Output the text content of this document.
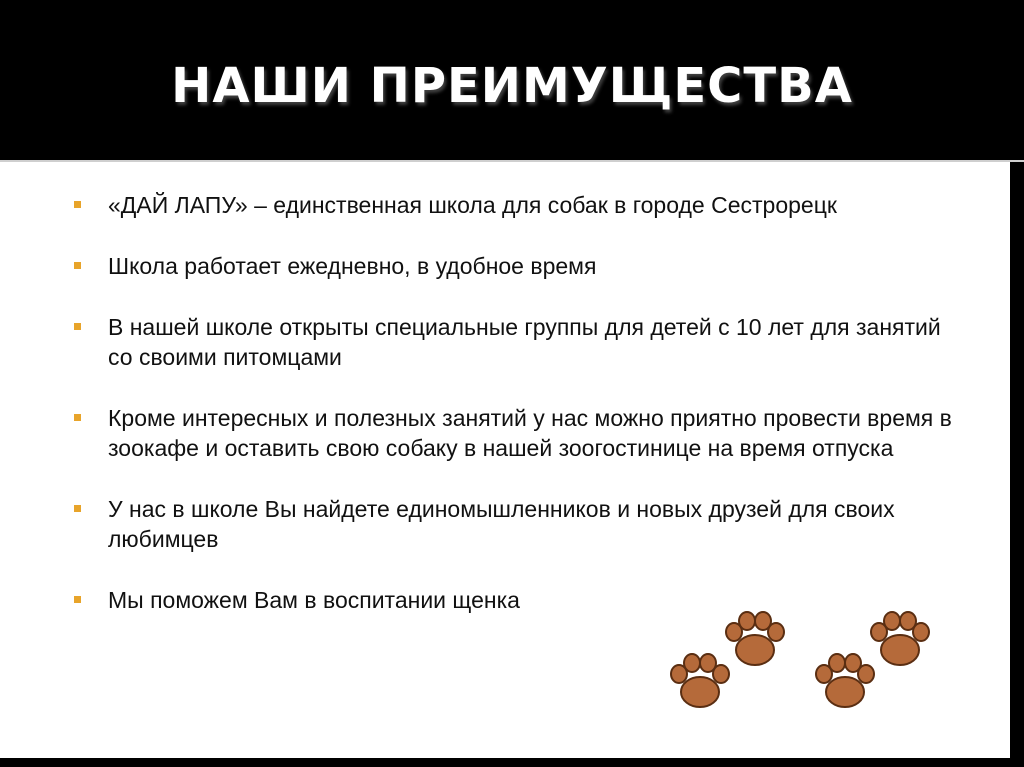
НАШИ ПРЕИМУЩЕСТВА
«ДАЙ ЛАПУ» – единственная школа для собак в городе Сестрорецк
Школа работает ежедневно, в удобное время
В нашей школе открыты специальные группы для детей с 10 лет для занятий со своими питомцами
Кроме интересных и полезных занятий у нас можно приятно провести время в зоокафе и оставить свою собаку в нашей зоогостинице на время отпуска
У нас в школе Вы найдете единомышленников и новых друзей для своих любимцев
Мы поможем Вам в воспитании щенка
